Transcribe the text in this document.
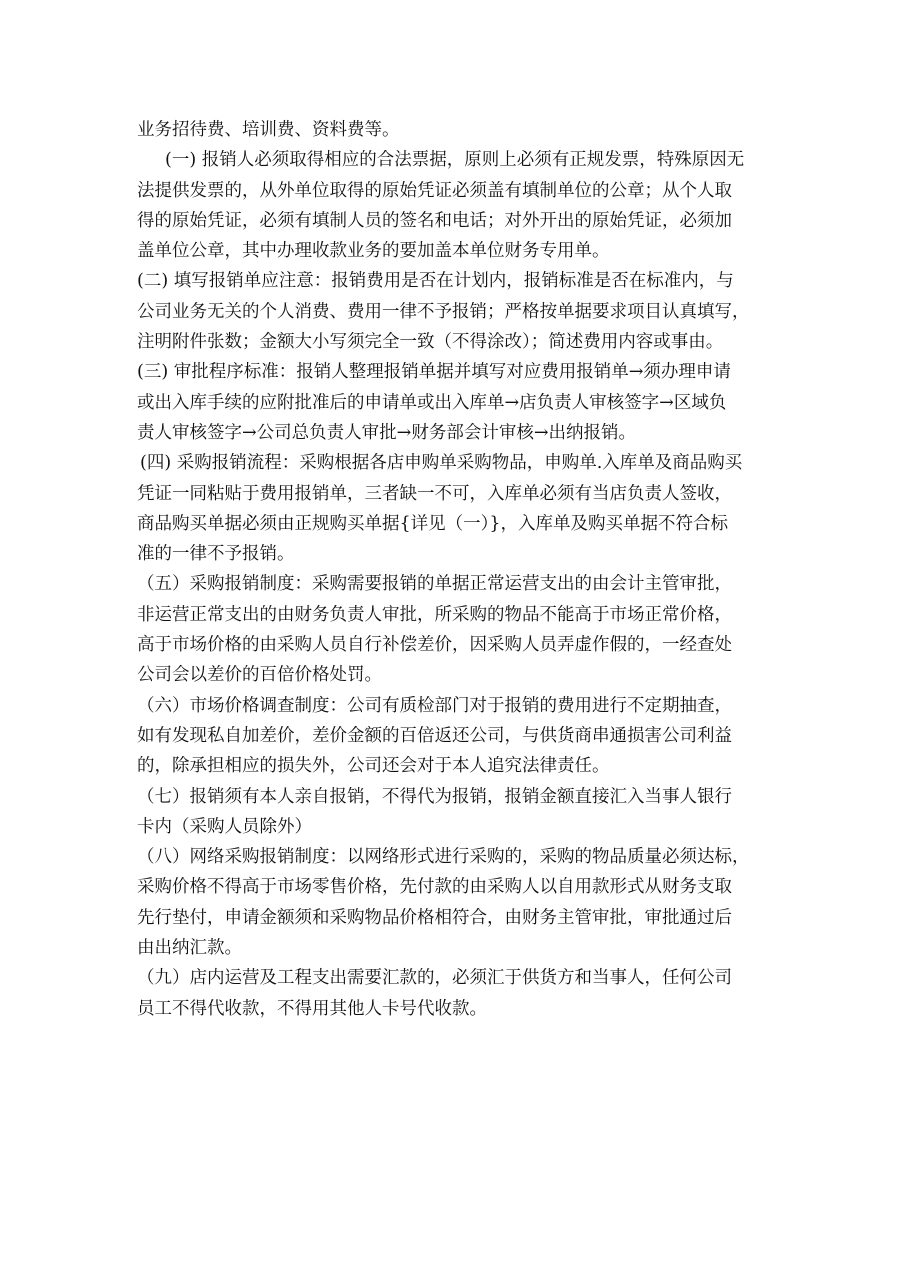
业务招待费、培训费、资料费等。
(一) 报销人必须取得相应的合法票据，原则上必须有正规发票，特殊原因无
法提供发票的，从外单位取得的原始凭证必须盖有填制单位的公章；从个人取
得的原始凭证，必须有填制人员的签名和电话；对外开出的原始凭证，必须加
盖单位公章，其中办理收款业务的要加盖本单位财务专用单。
(二) 填写报销单应注意：报销费用是否在计划内，报销标准是否在标准内，与
公司业务无关的个人消费、费用一律不予报销；严格按单据要求项目认真填写，
注明附件张数；金额大小写须完全一致（不得涂改）；简述费用内容或事由。
(三) 审批程序标准：报销人整理报销单据并填写对应费用报销单→须办理申请
或出入库手续的应附批准后的申请单或出入库单→店负责人审核签字→区域负
责人审核签字→公司总负责人审批→财务部会计审核→出纳报销。
(四) 采购报销流程：采购根据各店申购单采购物品，申购单.入库单及商品购买
凭证一同粘贴于费用报销单，三者缺一不可，入库单必须有当店负责人签收，
商品购买单据必须由正规购买单据{详见（一）}，入库单及购买单据不符合标
准的一律不予报销。
（五）采购报销制度：采购需要报销的单据正常运营支出的由会计主管审批，
非运营正常支出的由财务负责人审批，所采购的物品不能高于市场正常价格，
高于市场价格的由采购人员自行补偿差价，因采购人员弄虚作假的，一经查处
公司会以差价的百倍价格处罚。
（六）市场价格调查制度：公司有质检部门对于报销的费用进行不定期抽查，
如有发现私自加差价，差价金额的百倍返还公司，与供货商串通损害公司利益
的，除承担相应的损失外，公司还会对于本人追究法律责任。
（七）报销须有本人亲自报销，不得代为报销，报销金额直接汇入当事人银行
卡内（采购人员除外）
（八）网络采购报销制度：以网络形式进行采购的，采购的物品质量必须达标，
采购价格不得高于市场零售价格，先付款的由采购人以自用款形式从财务支取
先行垫付，申请金额须和采购物品价格相符合，由财务主管审批，审批通过后
由出纳汇款。
（九）店内运营及工程支出需要汇款的，必须汇于供货方和当事人，任何公司
员工不得代收款，不得用其他人卡号代收款。
